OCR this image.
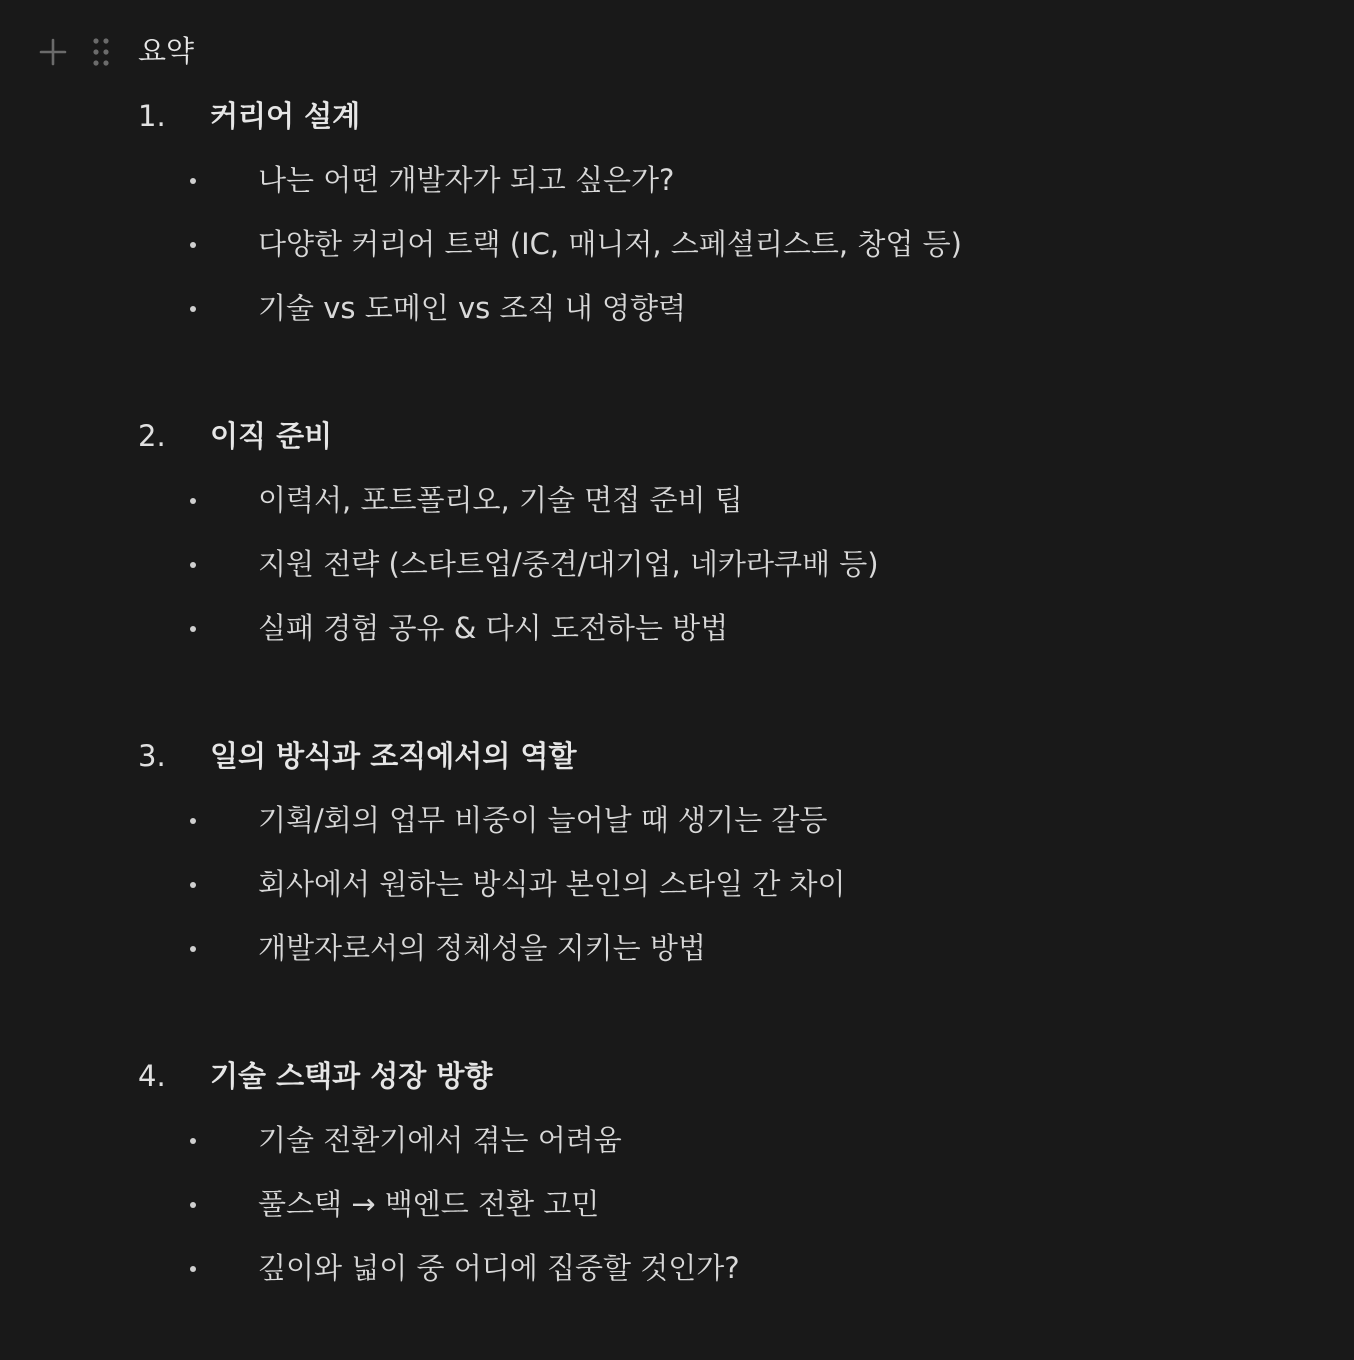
요약
1. 커리어 설계
나는 어떤 개발자가 되고 싶은가?
다양한 커리어 트랙 (IC, 매니저, 스페셜리스트, 창업 등)
기술 vs 도메인 vs 조직 내 영향력
2. 이직 준비
이력서, 포트폴리오, 기술 면접 준비 팁
지원 전략 (스타트업/중견/대기업, 네카라쿠배 등)
실패 경험 공유 & 다시 도전하는 방법
3. 일의 방식과 조직에서의 역할
기획/회의 업무 비중이 늘어날 때 생기는 갈등
회사에서 원하는 방식과 본인의 스타일 간 차이
개발자로서의 정체성을 지키는 방법
4. 기술 스택과 성장 방향
기술 전환기에서 겪는 어려움
풀스택 → 백엔드 전환 고민
깊이와 넓이 중 어디에 집중할 것인가?
